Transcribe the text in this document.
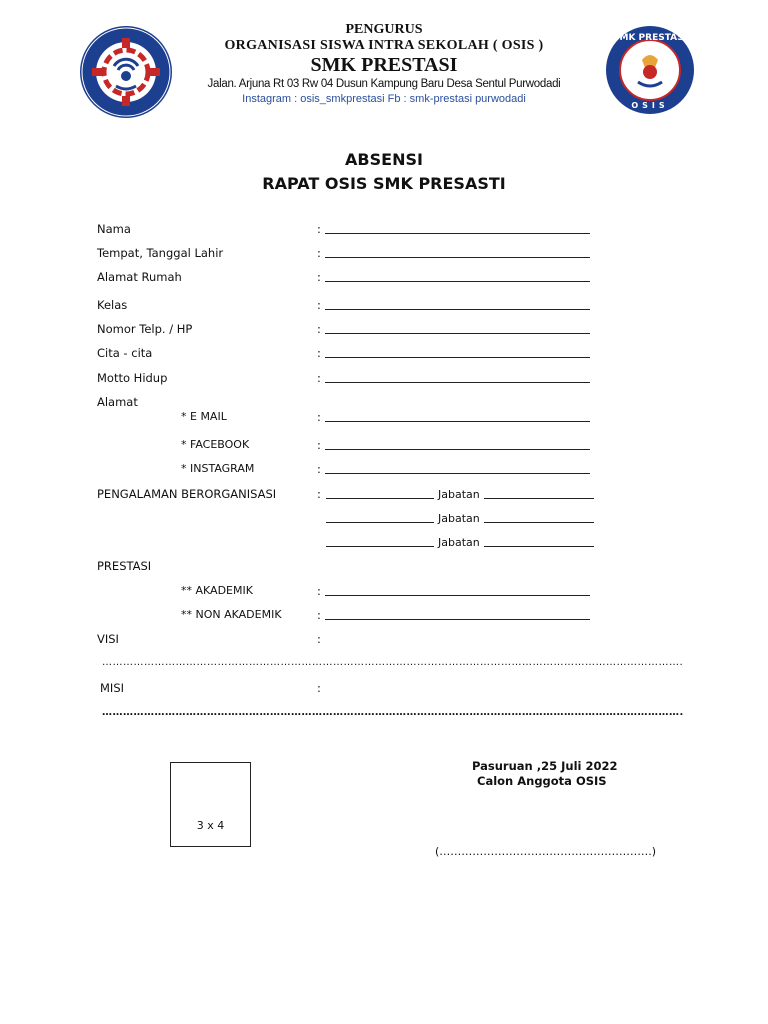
SMK PRESTASI
OSIS
PENGURUS
ORGANISASI SISWA INTRA SEKOLAH ( OSIS )
SMK PRESTASI
Jalan. Arjuna Rt 03 Rw 04 Dusun Kampung Baru Desa Sentul Purwodadi
Instagram : osis_smkprestasi Fb : smk-prestasi purwodadi
ABSENSI
RAPAT OSIS SMK PRESASTI
Nama	:
Tempat, Tanggal Lahir	:
Alamat Rumah	:
Kelas	:
Nomor Telp. / HP	:
Cita - cita	:
Motto Hidup	:
Alamat
* E MAIL	:
* FACEBOOK	:
* INSTAGRAM	:
PENGALAMAN BERORGANISASI	:	Jabatan
Jabatan
Jabatan
PRESTASI
** AKADEMIK	:
** NON AKADEMIK	:
VISI	:
………………………………………………………………………………………………………………………………………………….
MISI	:
………………………………………………………………………………………………………………………………………………….
3 x 4
Pasuruan ,25 Juli 2022
Calon Anggota OSIS
(………………………………………………….)
